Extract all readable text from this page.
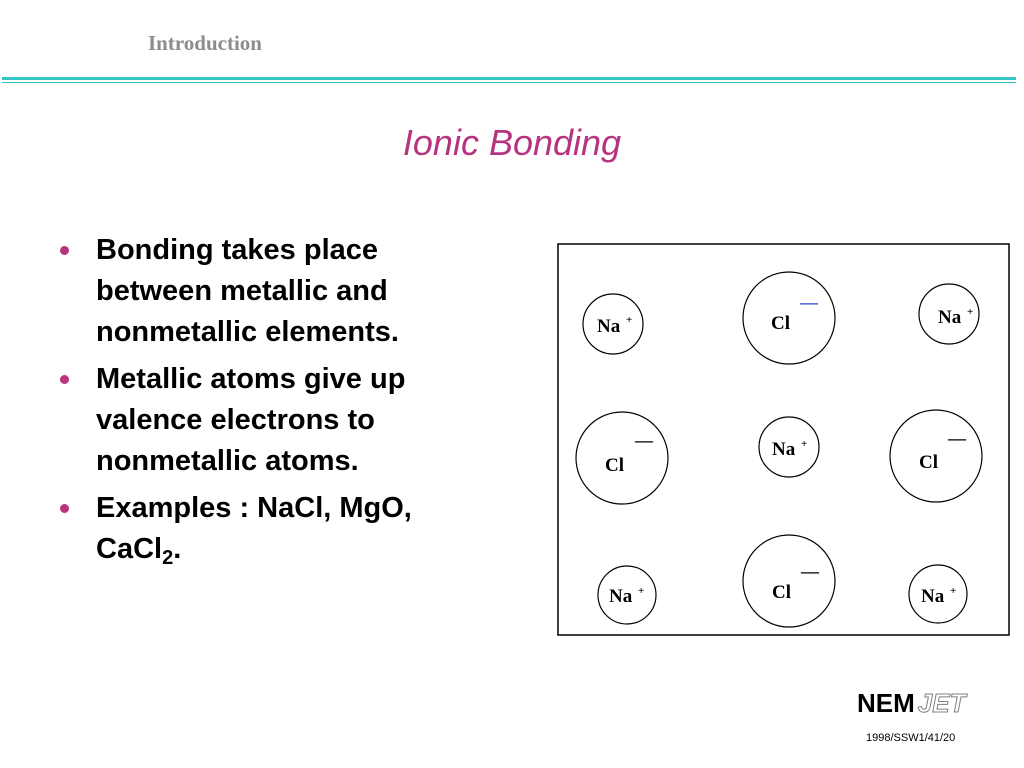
Introduction
Ionic Bonding
Bonding takes place between metallic and nonmetallic elements.
Metallic atoms give up valence electrons to nonmetallic atoms.
Examples : NaCl, MgO, CaCl$_2$.
Na +	Cl
—
Na +
Cl
—	Na +
Cl
—
Na +	Cl
—
Na +
NEM JET
1998/SSW1/41/20
